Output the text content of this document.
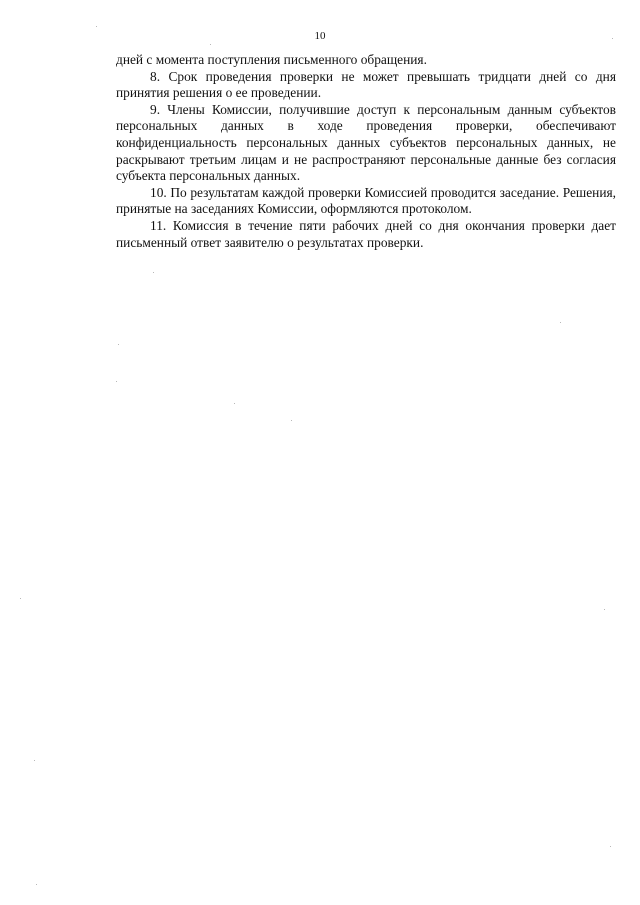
10

дней с момента поступления письменного обращения.

8. Срок проведения проверки не может превышать тридцати дней со дня принятия решения о ее проведении.

9. Члены Комиссии, получившие доступ к персональным данным субъектов персональных данных в ходе проведения проверки, обеспечивают конфиденциальность персональных данных субъектов персональных данных, не раскрывают третьим лицам и не распространяют персональные данные без согласия субъекта персональных данных.

10. По результатам каждой проверки Комиссией проводится заседание. Решения, принятые на заседаниях Комиссии, оформляются протоколом.

11. Комиссия в течение пяти рабочих дней со дня окончания проверки дает письменный ответ заявителю о результатах проверки.
